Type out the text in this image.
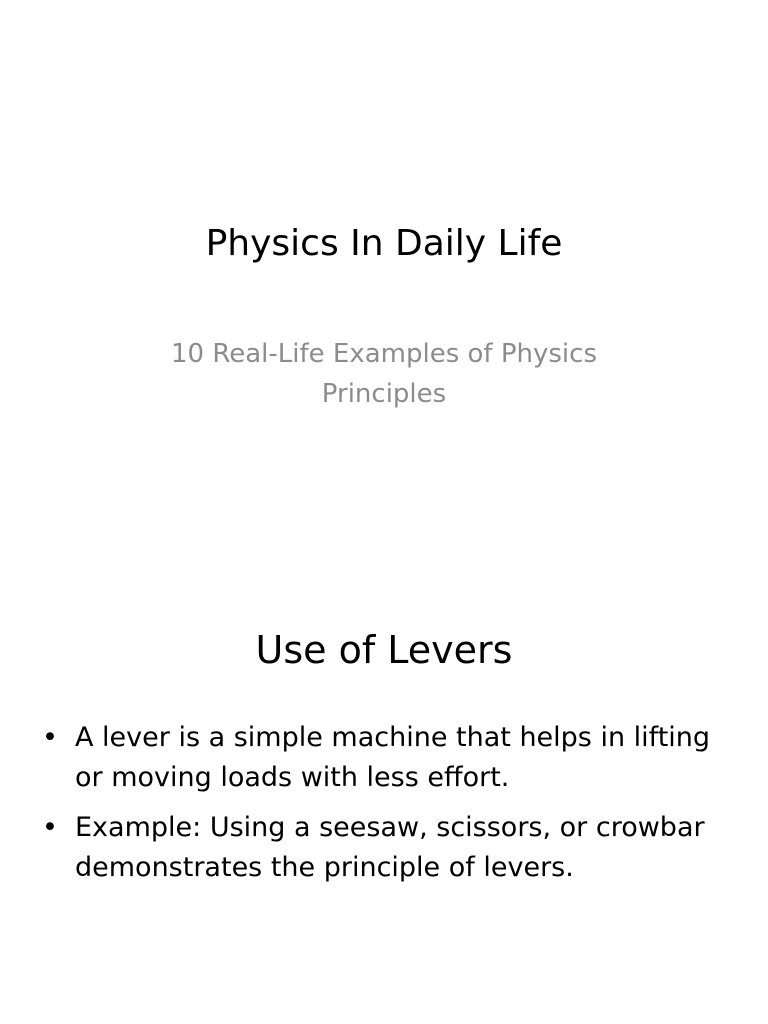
Physics In Daily Life

10 Real-Life Examples of Physics Principles

Use of Levers
• A lever is a simple machine that helps in lifting or moving loads with less effort.
• Example: Using a seesaw, scissors, or crowbar demonstrates the principle of levers.
